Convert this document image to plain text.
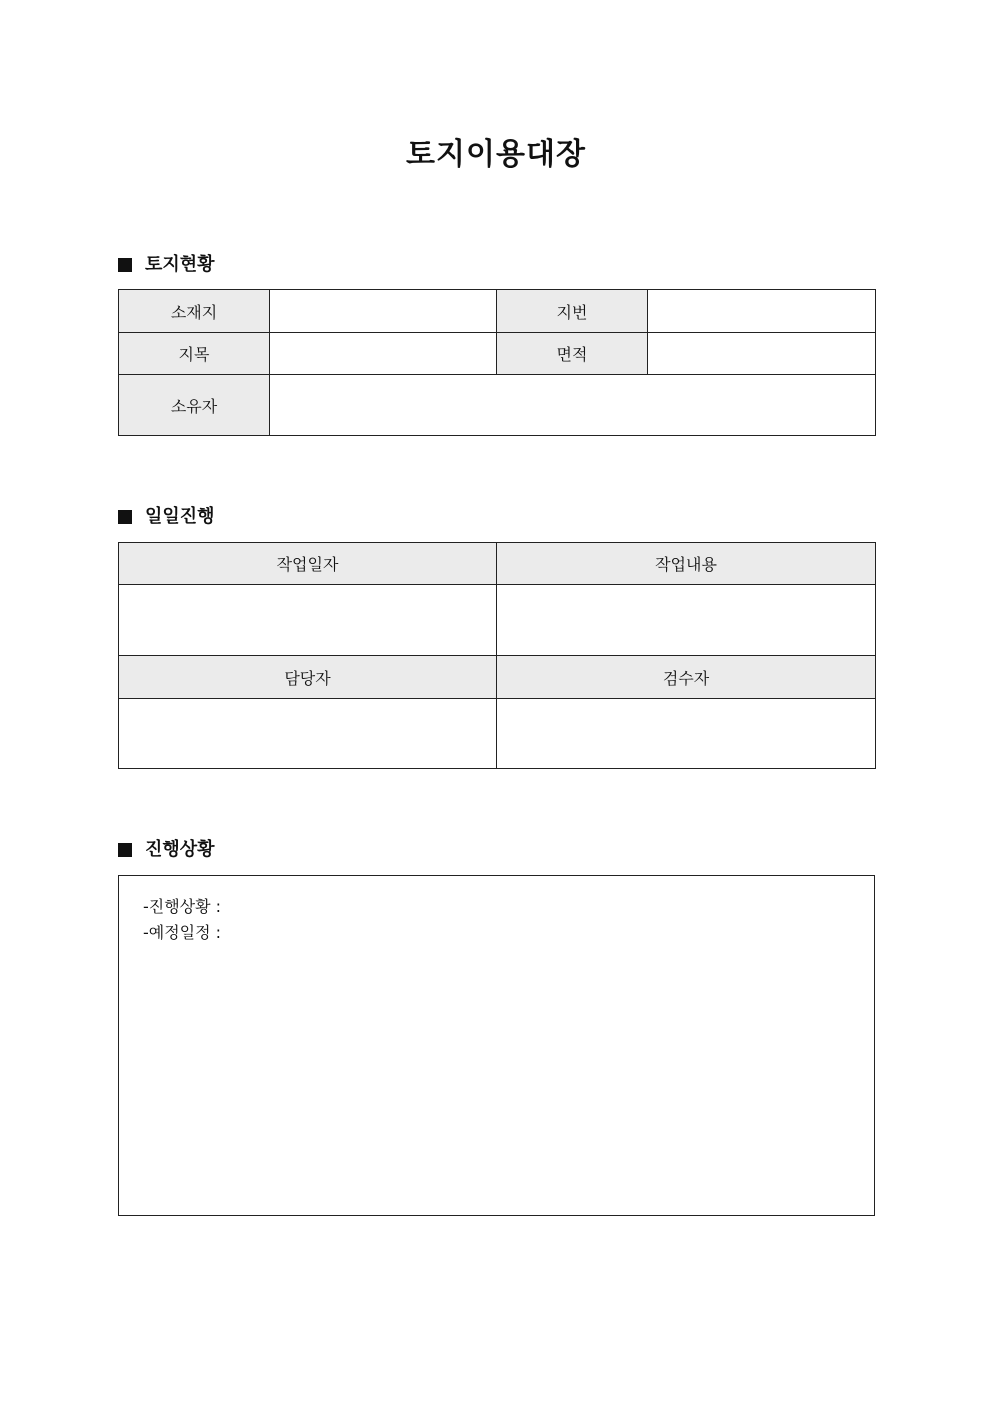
토지이용대장
토지현황
소재지		지번	
지목		면적	
소유자			
일일진행
작업일자	작업내용

담당자	검수자

진행상황
-진행상황 :
-예정일정 :
